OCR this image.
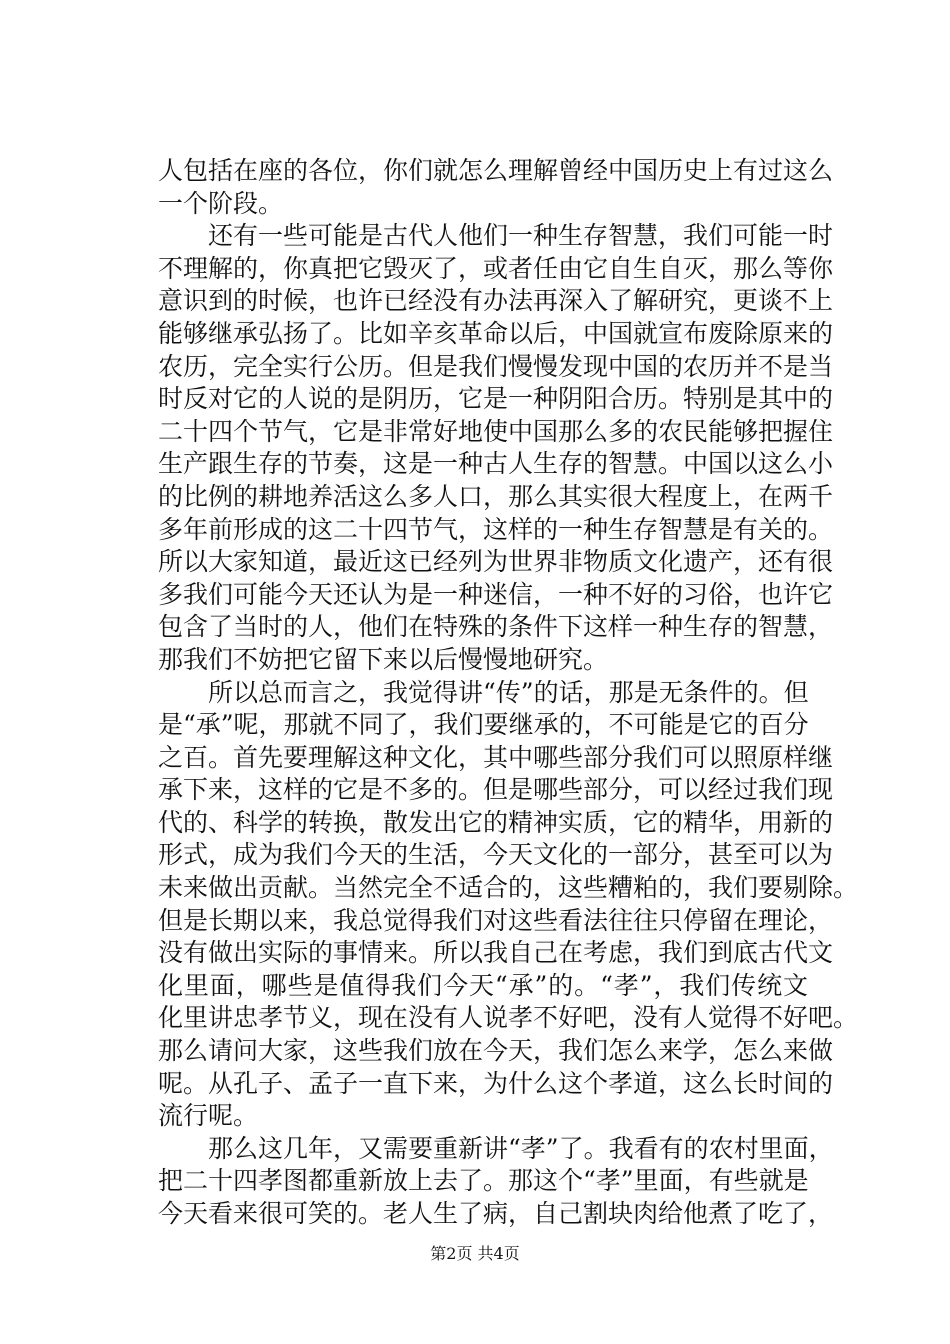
人包括在座的各位，你们就怎么理解曾经中国历史上有过这么
一个阶段。
还有一些可能是古代人他们一种生存智慧，我们可能一时
不理解的，你真把它毁灭了，或者任由它自生自灭，那么等你
意识到的时候，也许已经没有办法再深入了解研究，更谈不上
能够继承弘扬了。比如辛亥革命以后，中国就宣布废除原来的
农历，完全实行公历。但是我们慢慢发现中国的农历并不是当
时反对它的人说的是阴历，它是一种阴阳合历。特别是其中的
二十四个节气，它是非常好地使中国那么多的农民能够把握住
生产跟生存的节奏，这是一种古人生存的智慧。中国以这么小
的比例的耕地养活这么多人口，那么其实很大程度上，在两千
多年前形成的这二十四节气，这样的一种生存智慧是有关的。
所以大家知道，最近这已经列为世界非物质文化遗产，还有很
多我们可能今天还认为是一种迷信，一种不好的习俗，也许它
包含了当时的人，他们在特殊的条件下这样一种生存的智慧，
那我们不妨把它留下来以后慢慢地研究。
所以总而言之，我觉得讲“传”的话，那是无条件的。但
是“承”呢，那就不同了，我们要继承的，不可能是它的百分
之百。首先要理解这种文化，其中哪些部分我们可以照原样继
承下来，这样的它是不多的。但是哪些部分，可以经过我们现
代的、科学的转换，散发出它的精神实质，它的精华，用新的
形式，成为我们今天的生活，今天文化的一部分，甚至可以为
未来做出贡献。当然完全不适合的，这些糟粕的，我们要剔除。
但是长期以来，我总觉得我们对这些看法往往只停留在理论，
没有做出实际的事情来。所以我自己在考虑，我们到底古代文
化里面，哪些是值得我们今天“承”的。“孝”，我们传统文
化里讲忠孝节义，现在没有人说孝不好吧，没有人觉得不好吧。
那么请问大家，这些我们放在今天，我们怎么来学，怎么来做
呢。从孔子、孟子一直下来，为什么这个孝道，这么长时间的
流行呢。
那么这几年，又需要重新讲“孝”了。我看有的农村里面，
把二十四孝图都重新放上去了。那这个“孝”里面，有些就是
今天看来很可笑的。老人生了病，自己割块肉给他煮了吃了，
第2页 共4页
